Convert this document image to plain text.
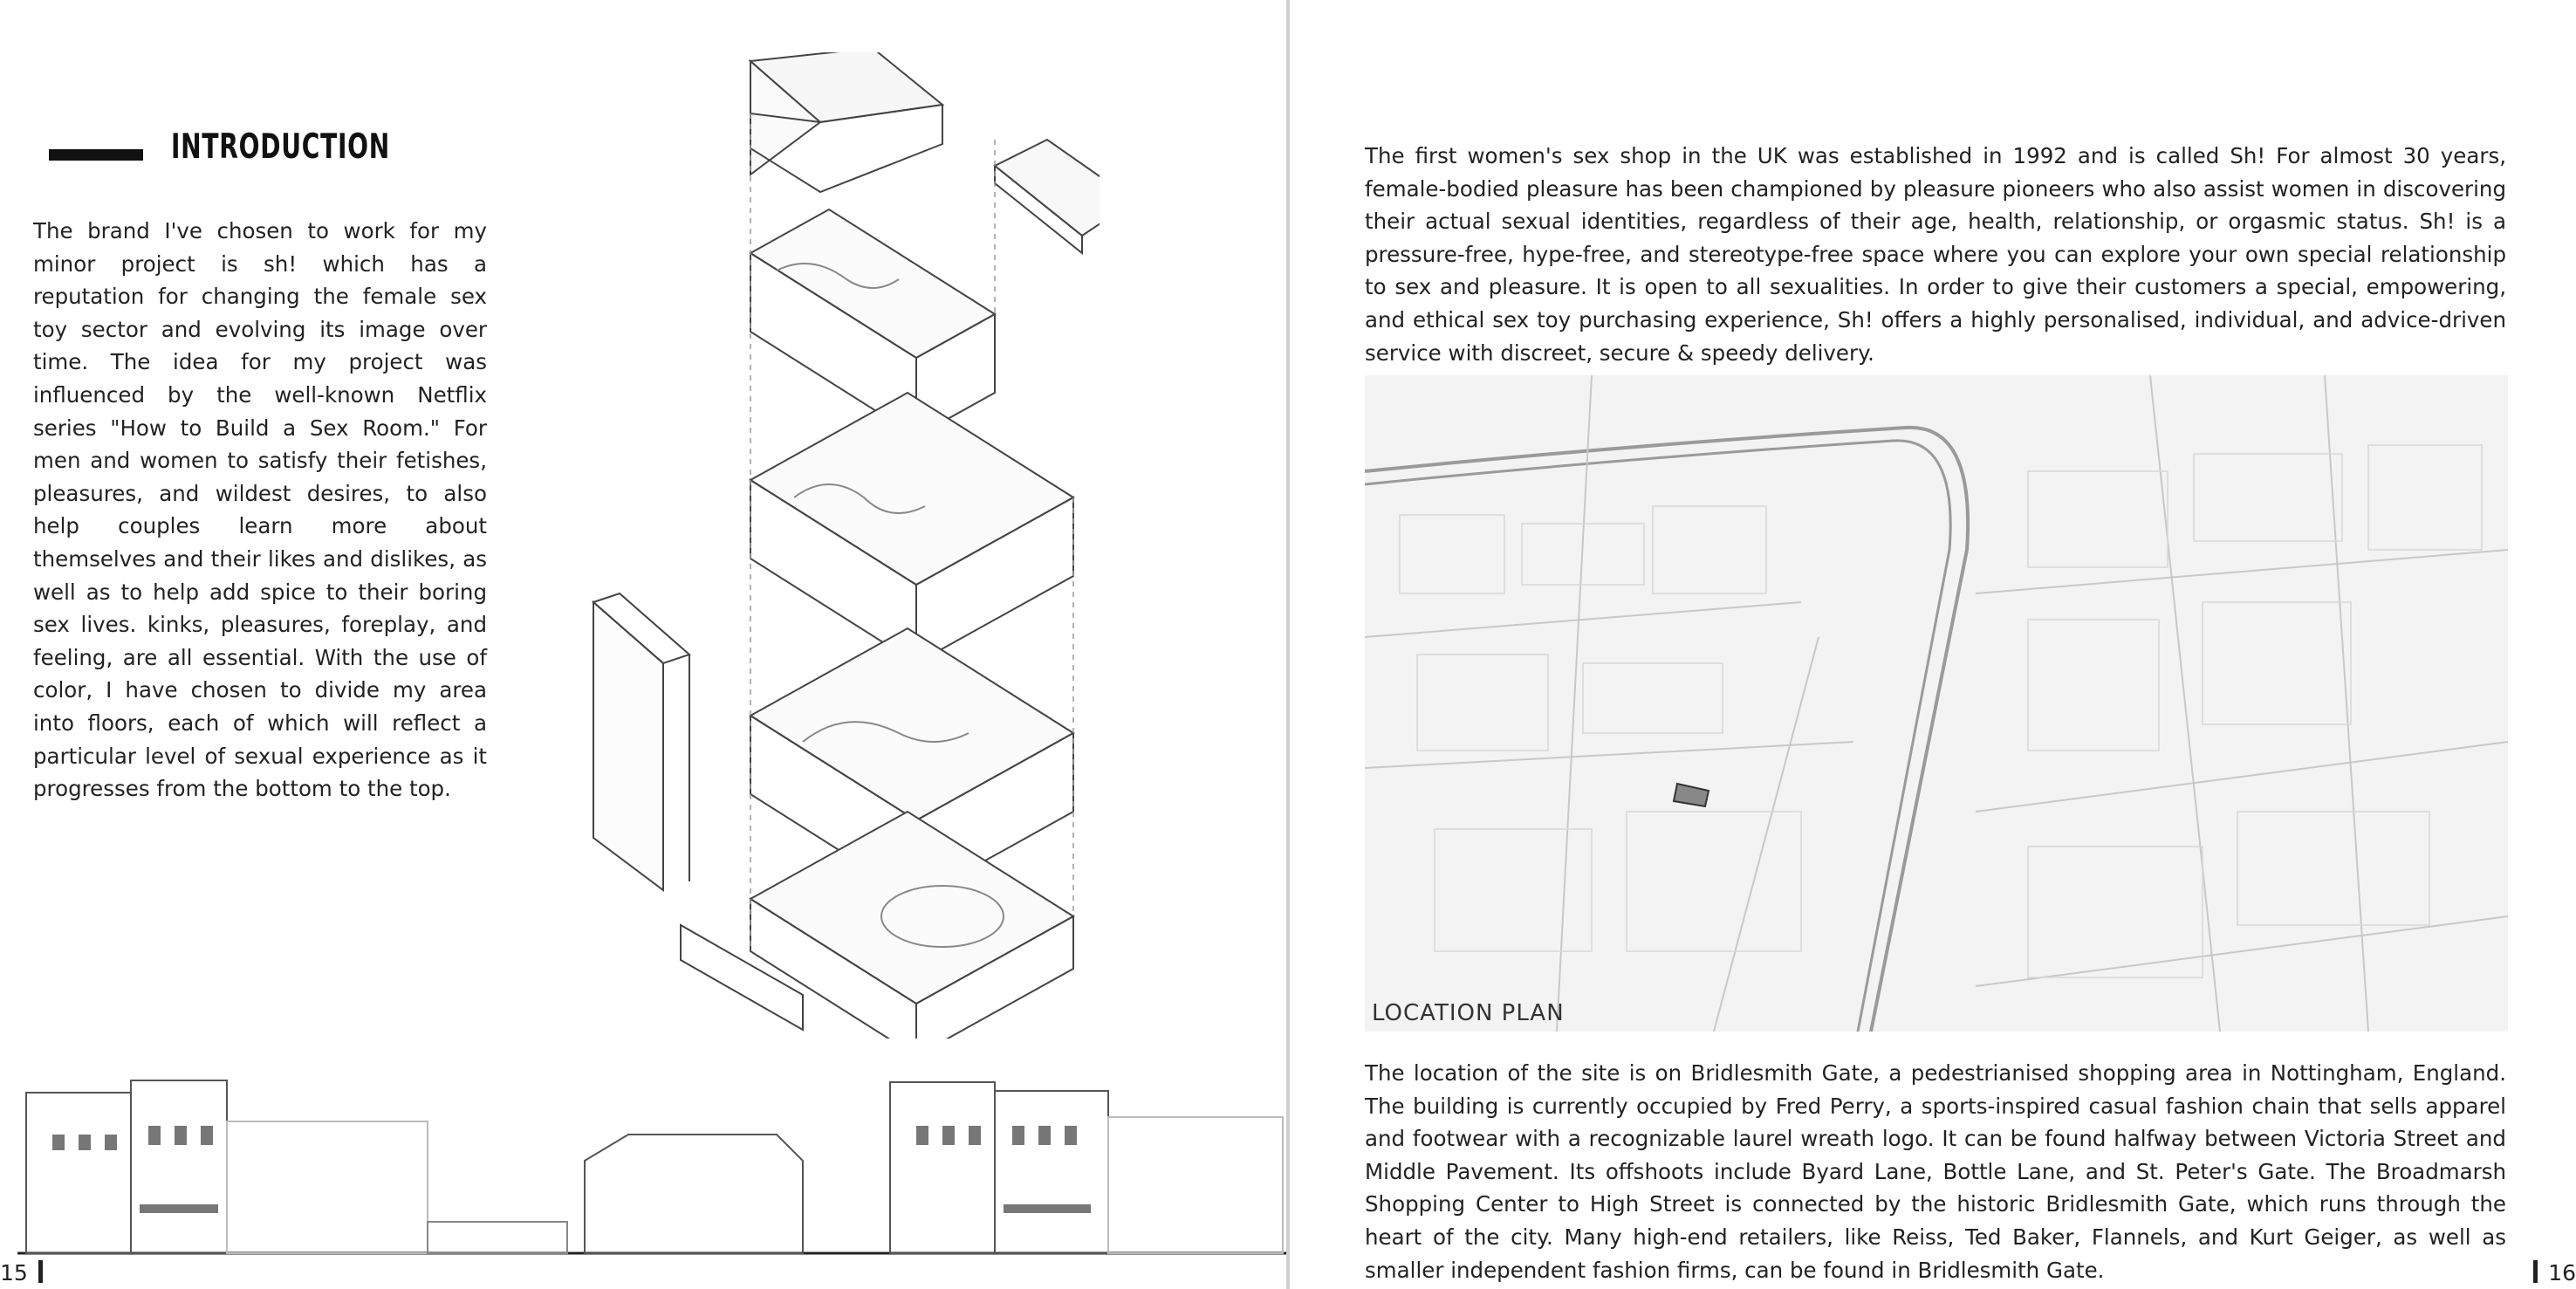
INTRODUCTION
The brand I've chosen to work for my minor project is sh! which has a reputation for changing the female sex toy sector and evolving its image over time. The idea for my project was influenced by the well-known Netflix series "How to Build a Sex Room." For men and women to satisfy their fetishes, pleasures, and wildest desires, to also help couples learn more about themselves and their likes and dislikes, as well as to help add spice to their boring sex lives. kinks, pleasures, foreplay, and feeling, are all essential. With the use of color, I have chosen to divide my area into floors, each of which will reflect a particular level of sexual experience as it progresses from the bottom to the top.
15

The first women's sex shop in the UK was established in 1992 and is called Sh! For almost 30 years, female-bodied pleasure has been championed by pleasure pioneers who also assist women in discovering their actual sexual identities, regardless of their age, health, relationship, or orgasmic status. Sh! is a pressure-free, hype-free, and stereotype-free space where you can explore your own special relationship to sex and pleasure. It is open to all sexualities. In order to give their customers a special, empowering, and ethical sex toy purchasing experience, Sh! offers a highly personalised, individual, and advice-driven service with discreet, secure & speedy delivery.

LOCATION PLAN

The location of the site is on Bridlesmith Gate, a pedestrianised shopping area in Nottingham, England. The building is currently occupied by Fred Perry, a sports-inspired casual fashion chain that sells apparel and footwear with a recognizable laurel wreath logo. It can be found halfway between Victoria Street and Middle Pavement. Its offshoots include Byard Lane, Bottle Lane, and St. Peter's Gate. The Broadmarsh Shopping Center to High Street is connected by the historic Bridlesmith Gate, which runs through the heart of the city. Many high-end retailers, like Reiss, Ted Baker, Flannels, and Kurt Geiger, as well as smaller independent fashion firms, can be found in Bridlesmith Gate.	16
